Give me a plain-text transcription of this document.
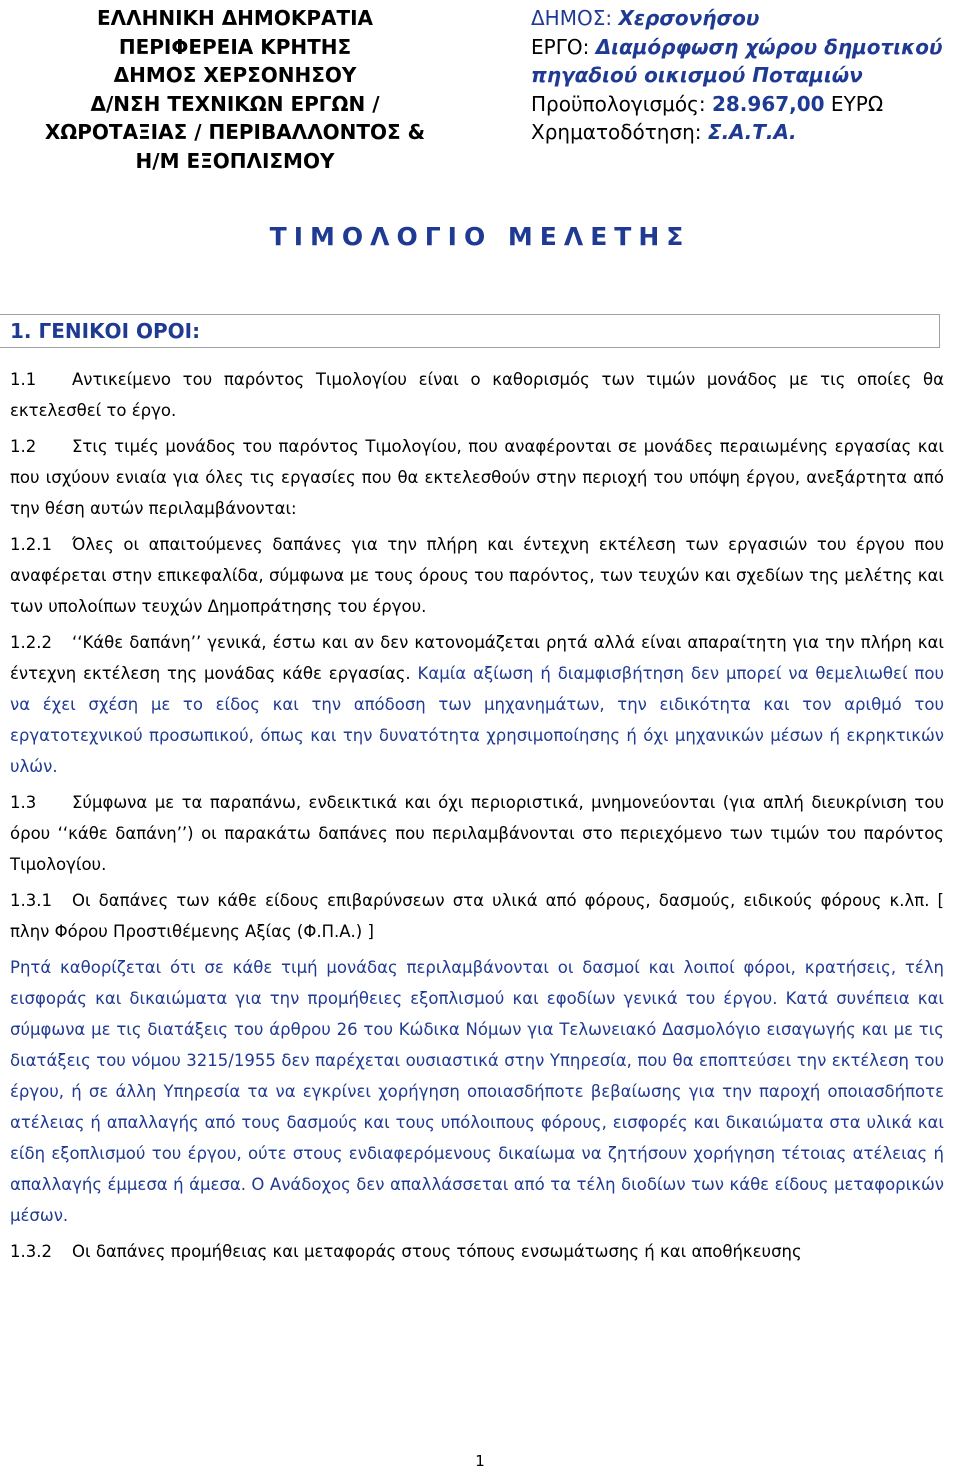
ΕΛΛΗΝΙΚΗ ΔΗΜΟΚΡΑΤΙΑ
ΠΕΡΙΦΕΡΕΙΑ ΚΡΗΤΗΣ
ΔΗΜΟΣ ΧΕΡΣΟΝΗΣΟΥ
Δ/ΝΣΗ ΤΕΧΝΙΚΩΝ ΕΡΓΩΝ /
ΧΩΡΟΤΑΞΙΑΣ / ΠΕΡΙΒΑΛΛΟΝΤΟΣ &
Η/Μ ΕΞΟΠΛΙΣΜΟΥ
ΔΗΜΟΣ: Χερσονήσου
ΕΡΓΟ: Διαμόρφωση χώρου δημοτικού
πηγαδιού οικισμού Ποταμιών
Προϋπολογισμός: 28.967,00 ΕΥΡΩ
Χρηματοδότηση: Σ.Α.Τ.Α.
ΤΙΜΟΛΟΓΙΟ ΜΕΛΕΤΗΣ
1. ΓΕΝΙΚΟΙ ΟΡΟΙ:

1.1 Αντικείμενο του παρόντος Τιμολογίου είναι ο καθορισμός των τιμών μονάδος με τις οποίες θα εκτελεσθεί το έργο.

1.2 Στις τιμές μονάδος του παρόντος Τιμολογίου, που αναφέρονται σε μονάδες περαιωμένης εργασίας και που ισχύουν ενιαία για όλες τις εργασίες που θα εκτελεσθούν στην περιοχή του υπόψη έργου, ανεξάρτητα από την θέση αυτών περιλαμβάνονται:

1.2.1 Όλες οι απαιτούμενες δαπάνες για την πλήρη και έντεχνη εκτέλεση των εργασιών του έργου που αναφέρεται στην επικεφαλίδα, σύμφωνα με τους όρους του παρόντος, των τευχών και σχεδίων της μελέτης και των υπολοίπων τευχών Δημοπράτησης του έργου.

1.2.2 ‘‘Κάθε δαπάνη’’ γενικά, έστω και αν δεν κατονομάζεται ρητά αλλά είναι απαραίτητη για την πλήρη και έντεχνη εκτέλεση της μονάδας κάθε εργασίας. Καμία αξίωση ή διαμφισβήτηση δεν μπορεί να θεμελιωθεί που να έχει σχέση με το είδος και την απόδοση των μηχανημάτων, την ειδικότητα και τον αριθμό του εργατοτεχνικού προσωπικού, όπως και την δυνατότητα χρησιμοποίησης ή όχι μηχανικών μέσων ή εκρηκτικών υλών.

1.3 Σύμφωνα με τα παραπάνω, ενδεικτικά και όχι περιοριστικά, μνημονεύονται (για απλή διευκρίνιση του όρου ‘‘κάθε δαπάνη’’) οι παρακάτω δαπάνες που περιλαμβάνονται στο περιεχόμενο των τιμών του παρόντος Τιμολογίου.

1.3.1 Οι δαπάνες των κάθε είδους επιβαρύνσεων στα υλικά από φόρους, δασμούς, ειδικούς φόρους κ.λπ. [ πλην Φόρου Προστιθέμενης Αξίας (Φ.Π.Α.) ]

Ρητά καθορίζεται ότι σε κάθε τιμή μονάδας περιλαμβάνονται οι δασμοί και λοιποί φόροι, κρατήσεις, τέλη εισφοράς και δικαιώματα για την προμήθειες εξοπλισμού και εφοδίων γενικά του έργου. Κατά συνέπεια και σύμφωνα με τις διατάξεις του άρθρου 26 του Κώδικα Νόμων για Τελωνειακό Δασμολόγιο εισαγωγής και με τις διατάξεις του νόμου 3215/1955 δεν παρέχεται ουσιαστικά στην Υπηρεσία, που θα εποπτεύσει την εκτέλεση του έργου, ή σε άλλη Υπηρεσία τα να εγκρίνει χορήγηση οποιασδήποτε βεβαίωσης για την παροχή οποιασδήποτε ατέλειας ή απαλλαγής από τους δασμούς και τους υπόλοιπους φόρους, εισφορές και δικαιώματα στα υλικά και είδη εξοπλισμού του έργου, ούτε στους ενδιαφερόμενους δικαίωμα να ζητήσουν χορήγηση τέτοιας ατέλειας ή απαλλαγής έμμεσα ή άμεσα. Ο Ανάδοχος δεν απαλλάσσεται από τα τέλη διοδίων των κάθε είδους μεταφορικών μέσων.

1.3.2 Οι δαπάνες προμήθειας και μεταφοράς στους τόπους ενσωμάτωσης ή και αποθήκευσης

1
